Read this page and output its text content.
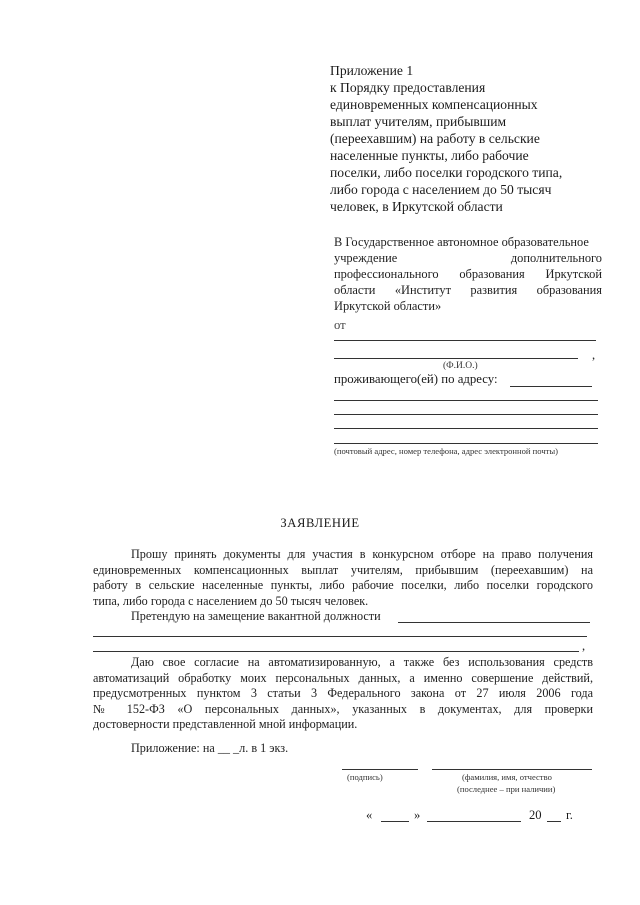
Приложение 1
к Порядку предоставления
единовременных компенсационных
выплат учителям, прибывшим
(переехавшим) на работу в сельские
населенные пункты, либо рабочие
поселки, либо поселки городского типа,
либо города с населением до 50 тысяч
человек, в Иркутской области
В Государственное автономное образовательное
учреждение дополнительного
профессионального образования Иркутской
области «Институт развития образования
Иркутской области»
от
,
(Ф.И.О.)
проживающего(ей) по адресу:
(почтовый адрес, номер телефона, адрес электронной почты)
ЗАЯВЛЕНИЕ
Прошу принять документы для участия в конкурсном отборе на право получения
единовременных компенсационных выплат учителям, прибывшим (переехавшим) на
работу в сельские населенные пункты, либо рабочие поселки, либо поселки городского
типа, либо города с населением до 50 тысяч человек.
Претендую на замещение вакантной должности
,
Даю свое согласие на автоматизированную, а также без использования средств
автоматизаций обработку моих персональных данных, а именно совершение действий,
предусмотренных пунктом 3 статьи 3 Федерального закона от 27 июля 2006 года
№ 152-ФЗ «О персональных данных», указанных в документах, для проверки
достоверности представленной мной информации.
Приложение: на __ _л. в 1 экз.
(подпись)	(фамилия, имя, отчество
(последнее – при наличии)
«	»	20 г.
